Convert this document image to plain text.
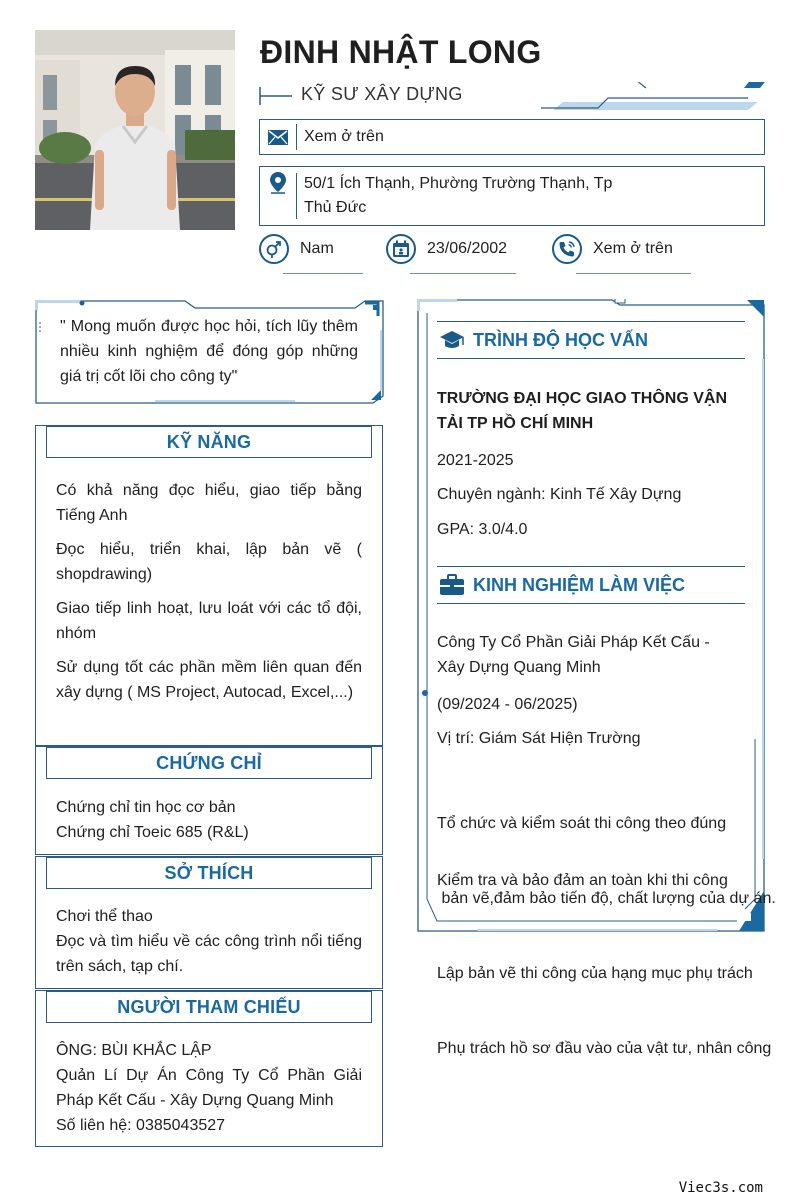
ĐINH NHẬT LONG
KỸ SƯ XÂY DỰNG
Xem ở trên
50/1 Ích Thạnh, Phường Trường Thạnh, Tp
Thủ Đức
Nam	23/06/2002	Xem ở trên
" Mong muốn được học hỏi, tích lũy thêm nhiều kinh nghiệm để đóng góp những giá trị cốt lõi cho công ty"
KỸ NĂNG

Có khả năng đọc hiểu, giao tiếp bằng Tiếng Anh

Đọc hiểu, triển khai, lập bản vẽ ( shopdrawing)

Giao tiếp linh hoạt, lưu loát với các tổ đội, nhóm

Sử dụng tốt các phần mềm liên quan đến xây dựng ( MS Project, Autocad, Excel,...)

CHỨNG CHỈ

Chứng chỉ tin học cơ bản

Chứng chỉ Toeic 685 (R&L)

SỞ THÍCH

Chơi thể thao

Đọc và tìm hiểu về các công trình nổi tiếng trên sách, tạp chí.

NGƯỜI THAM CHIẾU

ÔNG: BÙI KHẮC LẬP

Quản Lí Dự Án Công Ty Cổ Phần Giải Pháp Kết Cấu - Xây Dựng Quang Minh

Số liên hệ: 0385043527

TRÌNH ĐỘ HỌC VẤN
TRƯỜNG ĐẠI HỌC GIAO THÔNG VẬN
TẢI TP HỒ CHÍ MINH
2021-2025
Chuyên ngành: Kinh Tế Xây Dựng
GPA: 3.0/4.0
KINH NGHIỆM LÀM VIỆC
Công Ty Cổ Phần Giải Pháp Kết Cấu -
Xây Dựng Quang Minh
(09/2024 - 06/2025)
Vị trí: Giám Sát Hiện Trường

Tổ chức và kiểm soát thi công theo đúng

bản vẽ,đảm bảo tiến độ, chất lượng của dự án.

Lập bản vẽ thi công của hạng mục phụ trách

Phụ trách hồ sơ đầu vào của vật tư, nhân công

Kiểm tra và bảo đảm an toàn khi thi công
Viec3s.com
